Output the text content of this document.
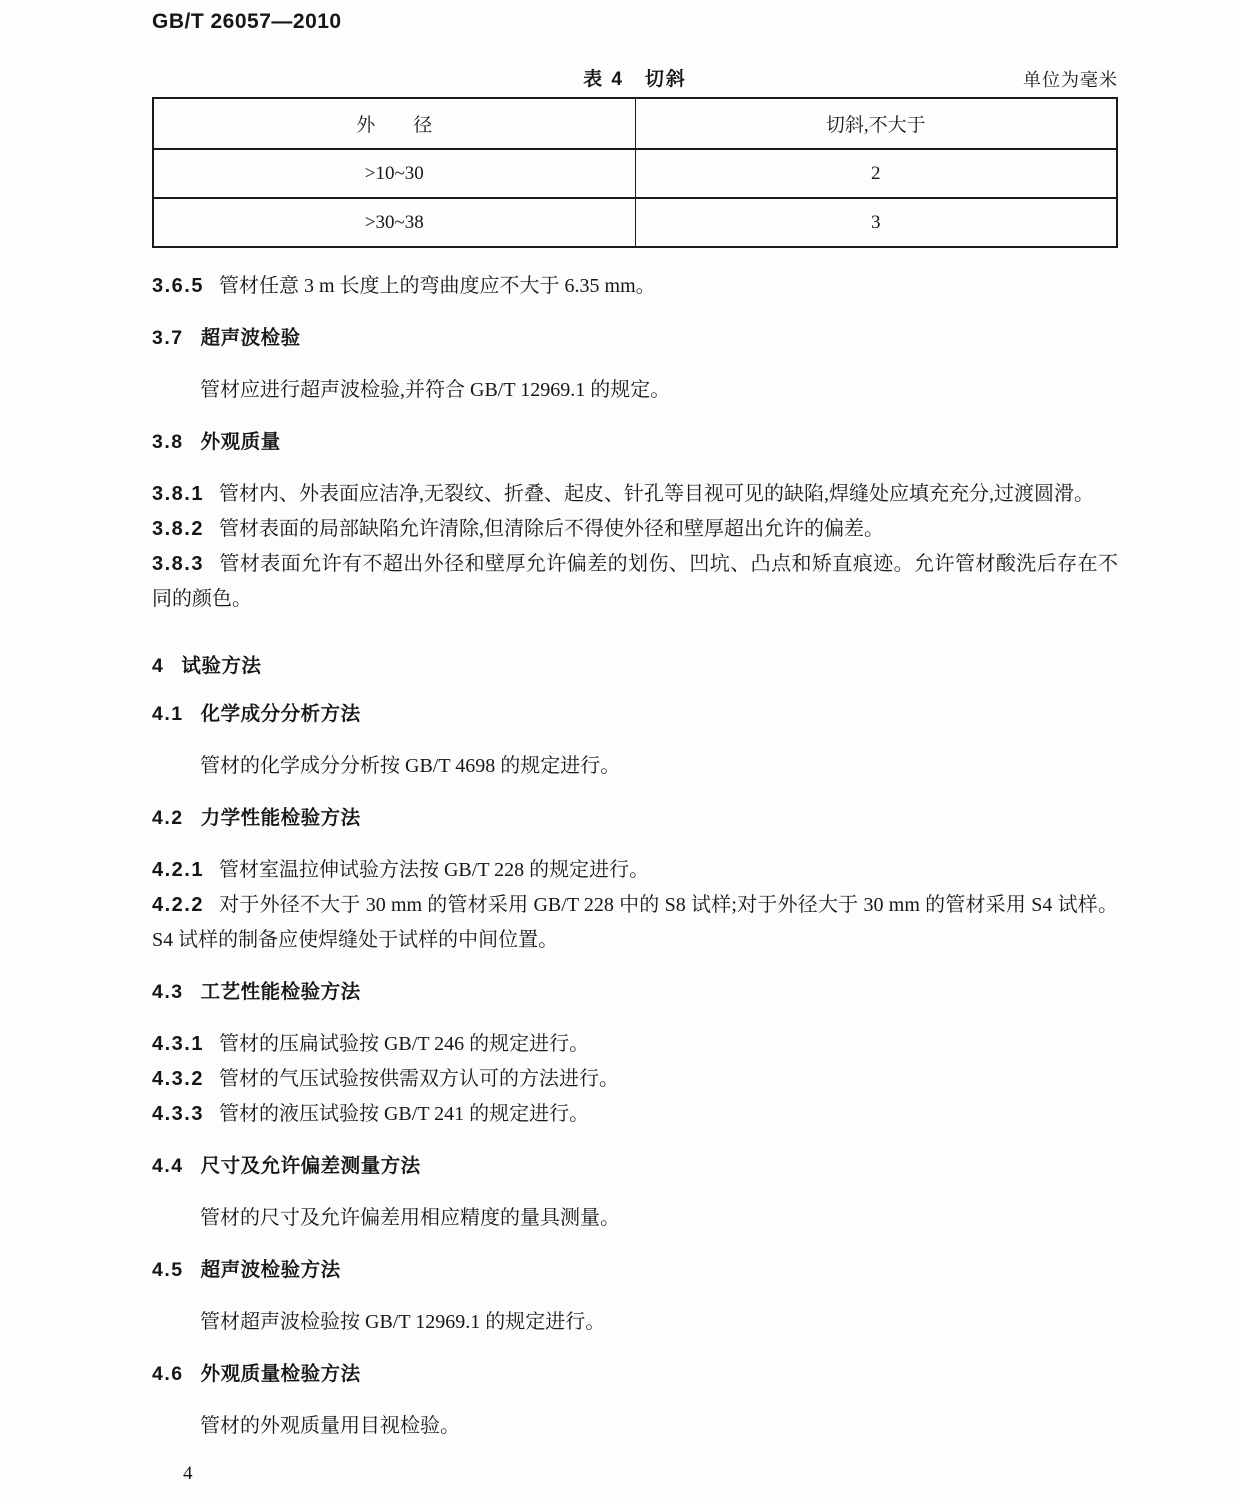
GB/T 26057—2010
表 4　切斜	单位为毫米
外　　径	切斜,不大于
>10~30	2
>30~38	3
3.6.5 管材任意 3 m 长度上的弯曲度应不大于 6.35 mm。
3.7 超声波检验
管材应进行超声波检验,并符合 GB/T 12969.1 的规定。
3.8 外观质量
3.8.1 管材内、外表面应洁净,无裂纹、折叠、起皮、针孔等目视可见的缺陷,焊缝处应填充充分,过渡圆滑。
3.8.2 管材表面的局部缺陷允许清除,但清除后不得使外径和壁厚超出允许的偏差。
3.8.3 管材表面允许有不超出外径和壁厚允许偏差的划伤、凹坑、凸点和矫直痕迹。允许管材酸洗后存在不同的颜色。
4 试验方法
4.1 化学成分分析方法
管材的化学成分分析按 GB/T 4698 的规定进行。
4.2 力学性能检验方法
4.2.1 管材室温拉伸试验方法按 GB/T 228 的规定进行。
4.2.2 对于外径不大于 30 mm 的管材采用 GB/T 228 中的 S8 试样;对于外径大于 30 mm 的管材采用 S4 试样。S4 试样的制备应使焊缝处于试样的中间位置。
4.3 工艺性能检验方法
4.3.1 管材的压扁试验按 GB/T 246 的规定进行。
4.3.2 管材的气压试验按供需双方认可的方法进行。
4.3.3 管材的液压试验按 GB/T 241 的规定进行。
4.4 尺寸及允许偏差测量方法
管材的尺寸及允许偏差用相应精度的量具测量。
4.5 超声波检验方法
管材超声波检验按 GB/T 12969.1 的规定进行。
4.6 外观质量检验方法
管材的外观质量用目视检验。
4
